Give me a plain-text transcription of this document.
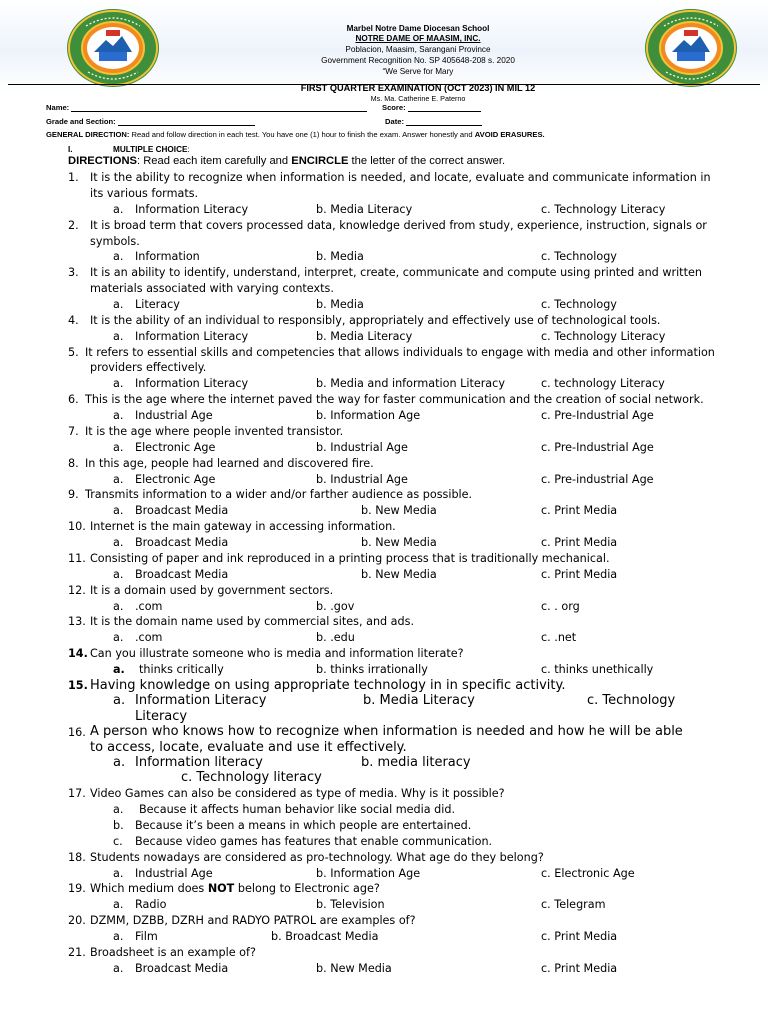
Marbel Notre Dame Diocesan School
NOTRE DAME OF MAASIM, INC.
Poblacion, Maasim, Sarangani Province
Government Recognition No. SP 405648-208 s. 2020
“We Serve for Mary
FIRST QUARTER EXAMINATION (OCT 2023) IN MIL 12
Ms. Ma. Catherine E. Paterno
Name:	Score:
Grade and Section:	Date:
GENERAL DIRECTION: Read and follow direction in each test. You have one (1) hour to finish the exam. Answer honestly and AVOID ERASURES.
I.	MULTIPLE CHOICE:
DIRECTIONS: Read each item carefully and ENCIRCLE the letter of the correct answer.
1. It is the ability to recognize when information is needed, and locate, evaluate and communicate information in
its various formats.
a. Information Literacy	b. Media Literacy	c. Technology Literacy
2. It is broad term that covers processed data, knowledge derived from study, experience, instruction, signals or
symbols.
a. Information	b. Media	c. Technology
3. It is an ability to identify, understand, interpret, create, communicate and compute using printed and written
materials associated with varying contexts.
a. Literacy	b. Media	c. Technology
4. It is the ability of an individual to responsibly, appropriately and effectively use of technological tools.
a. Information Literacy	b. Media Literacy	c. Technology Literacy
5. It refers to essential skills and competencies that allows individuals to engage with media and other information
providers effectively.
a. Information Literacy	b. Media and information Literacy	c. technology Literacy
6. This is the age where the internet paved the way for faster communication and the creation of social network.
a. Industrial Age	b. Information Age	c. Pre-Industrial Age
7. It is the age where people invented transistor.
a. Electronic Age	b. Industrial Age	c. Pre-Industrial Age
8. In this age, people had learned and discovered fire.
a. Electronic Age	b. Industrial Age	c. Pre-industrial Age
9. Transmits information to a wider and/or farther audience as possible.
a. Broadcast Media	b. New Media	c. Print Media
10. Internet is the main gateway in accessing information.
a. Broadcast Media	b. New Media	c. Print Media
11. Consisting of paper and ink reproduced in a printing process that is traditionally mechanical.
a. Broadcast Media	b. New Media	c. Print Media
12. It is a domain used by government sectors.
a. .com	b. .gov	c. . org
13. It is the domain name used by commercial sites, and ads.
a. .com	b. .edu	c. .net
14. Can you illustrate someone who is media and information literate?
a. thinks critically	b. thinks irrationally	c. thinks unethically
15. Having knowledge on using appropriate technology in in specific activity.
a. Information Literacy	b. Media Literacy	c. Technology
Literacy
16. A person who knows how to recognize when information is needed and how he will be able
to access, locate, evaluate and use it effectively.
a. Information literacy	b. media literacy
c. Technology literacy
17. Video Games can also be considered as type of media. Why is it possible?
a. Because it affects human behavior like social media did.
b. Because it’s been a means in which people are entertained.
c. Because video games has features that enable communication.
18. Students nowadays are considered as pro-technology. What age do they belong?
a. Industrial Age	b. Information Age	c. Electronic Age
19. Which medium does NOT belong to Electronic age?
a. Radio	b. Television	c. Telegram
20. DZMM, DZBB, DZRH and RADYO PATROL are examples of?
a. Film	b. Broadcast Media	c. Print Media
21. Broadsheet is an example of?
a. Broadcast Media	b. New Media	c. Print Media
